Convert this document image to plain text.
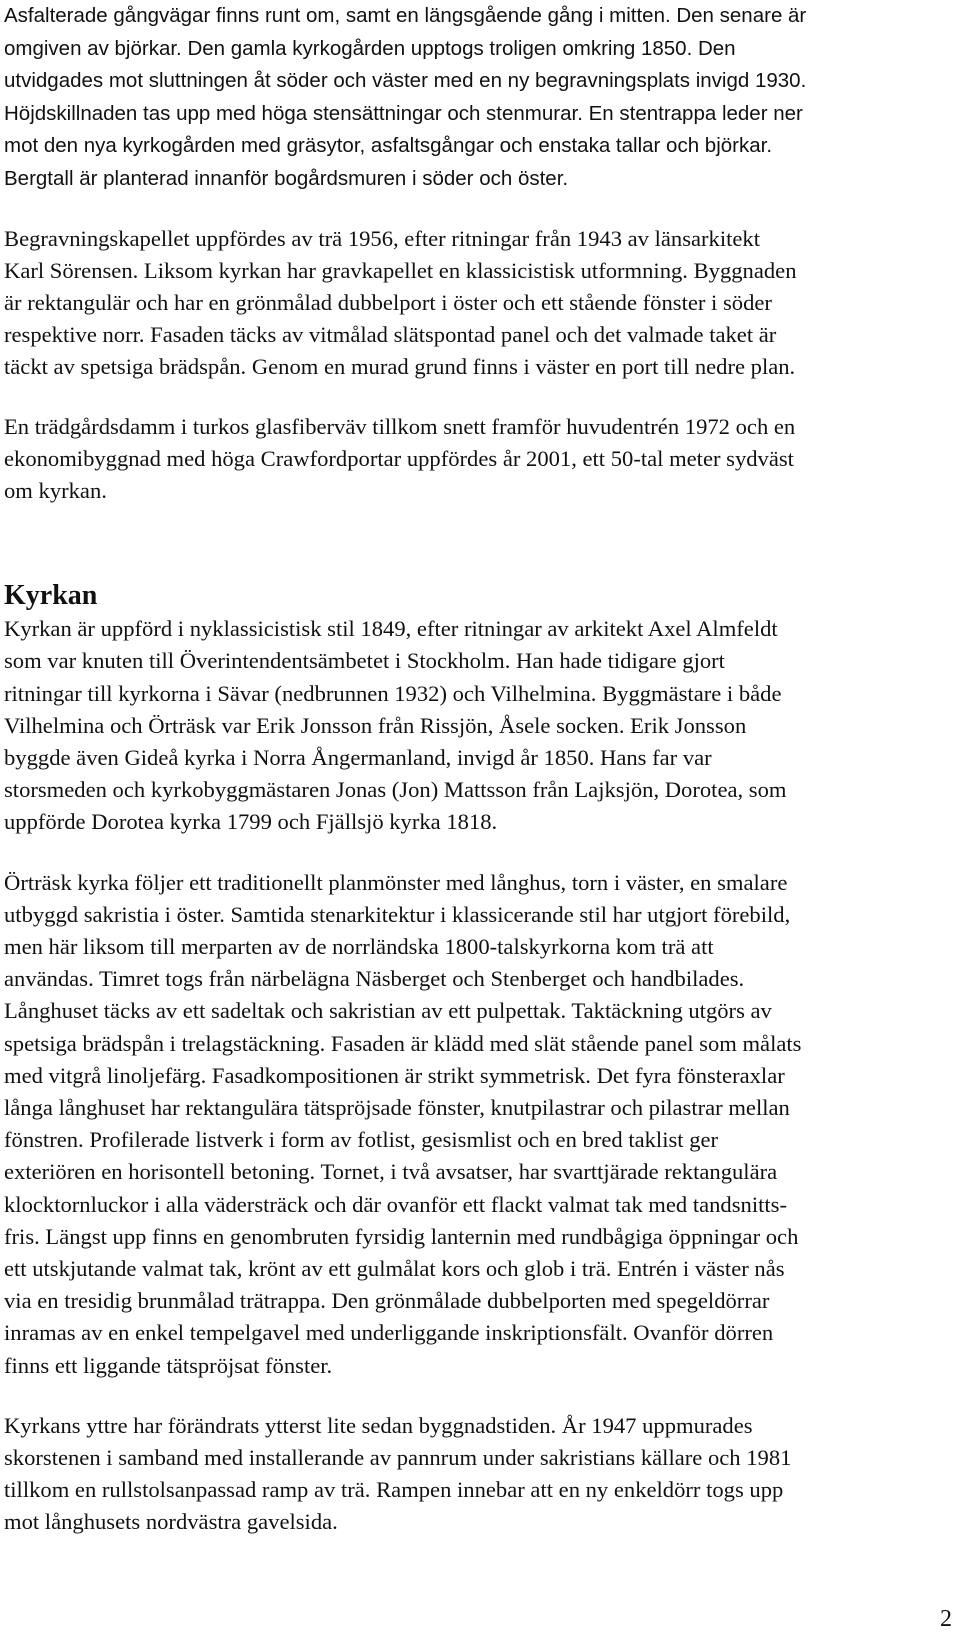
Asfalterade gångvägar finns runt om, samt en längsgående gång i mitten. Den senare är
omgiven av björkar. Den gamla kyrkogården upptogs troligen omkring 1850. Den
utvidgades mot sluttningen åt söder och väster med en ny begravningsplats invigd 1930.
Höjdskillnaden tas upp med höga stensättningar och stenmurar. En stentrappa leder ner
mot den nya kyrkogården med gräsytor, asfaltsgångar och enstaka tallar och björkar.
Bergtall är planterad innanför bogårdsmuren i söder och öster.

Begravningskapellet uppfördes av trä 1956, efter ritningar från 1943 av länsarkitekt
Karl Sörensen. Liksom kyrkan har gravkapellet en klassicistisk utformning. Byggnaden
är rektangulär och har en grönmålad dubbelport i öster och ett stående fönster i söder
respektive norr. Fasaden täcks av vitmålad slätspontad panel och det valmade taket är
täckt av spetsiga brädspån. Genom en murad grund finns i väster en port till nedre plan.

En trädgårdsdamm i turkos glasfiberväv tillkom snett framför huvudentrén 1972 och en
ekonomibyggnad med höga Crawfordportar uppfördes år 2001, ett 50-tal meter sydväst
om kyrkan.

Kyrkan

Kyrkan är uppförd i nyklassicistisk stil 1849, efter ritningar av arkitekt Axel Almfeldt
som var knuten till Överintendentsämbetet i Stockholm. Han hade tidigare gjort
ritningar till kyrkorna i Sävar (nedbrunnen 1932) och Vilhelmina. Byggmästare i både
Vilhelmina och Örträsk var Erik Jonsson från Rissjön, Åsele socken. Erik Jonsson
byggde även Gideå kyrka i Norra Ångermanland, invigd år 1850. Hans far var
storsmeden och kyrkobyggmästaren Jonas (Jon) Mattsson från Lajksjön, Dorotea, som
uppförde Dorotea kyrka 1799 och Fjällsjö kyrka 1818.

Örträsk kyrka följer ett traditionellt planmönster med långhus, torn i väster, en smalare
utbyggd sakristia i öster. Samtida stenarkitektur i klassicerande stil har utgjort förebild,
men här liksom till merparten av de norrländska 1800-talskyrkorna kom trä att
användas. Timret togs från närbelägna Näsberget och Stenberget och handbilades.
Långhuset täcks av ett sadeltak och sakristian av ett pulpettak. Taktäckning utgörs av
spetsiga brädspån i trelagstäckning. Fasaden är klädd med slät stående panel som målats
med vitgrå linoljefärg. Fasadkompositionen är strikt symmetrisk. Det fyra fönsteraxlar
långa långhuset har rektangulära tätspröjsade fönster, knutpilastrar och pilastrar mellan
fönstren. Profilerade listverk i form av fotlist, gesismlist och en bred taklist ger
exteriören en horisontell betoning. Tornet, i två avsatser, har svarttjärade rektangulära
klocktornluckor i alla vädersträck och där ovanför ett flackt valmat tak med tandsnitts-
fris. Längst upp finns en genombruten fyrsidig lanternin med rundbågiga öppningar och
ett utskjutande valmat tak, krönt av ett gulmålat kors och glob i trä. Entrén i väster nås
via en tresidig brunmålad trätrappa. Den grönmålade dubbelporten med spegeldörrar
inramas av en enkel tempelgavel med underliggande inskriptionsfält. Ovanför dörren
finns ett liggande tätspröjsat fönster.

Kyrkans yttre har förändrats ytterst lite sedan byggnadstiden. År 1947 uppmurades
skorstenen i samband med installerande av pannrum under sakristians källare och 1981
tillkom en rullstolsanpassad ramp av trä. Rampen innebar att en ny enkeldörr togs upp
mot långhusets nordvästra gavelsida.

2
